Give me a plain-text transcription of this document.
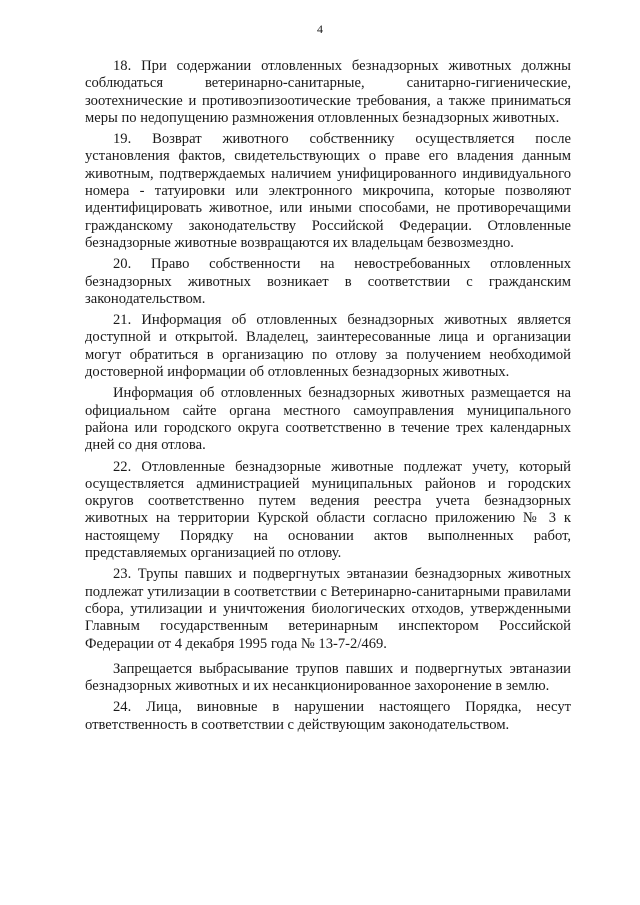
4

18. При содержании отловленных безнадзорных животных должны соблюдаться ветеринарно-санитарные, санитарно-гигиенические, зоотехнические и противоэпизоотические требования, а также приниматься меры по недопущению размножения отловленных безнадзорных животных.

19. Возврат животного собственнику осуществляется после установления фактов, свидетельствующих о праве его владения данным животным, подтверждаемых наличием унифицированного индивидуального номера - татуировки или электронного микрочипа, которые позволяют идентифицировать животное, или иными способами, не противоречащими гражданскому законодательству Российской Федерации. Отловленные безнадзорные животные возвращаются их владельцам безвозмездно.

20. Право собственности на невостребованных отловленных безнадзорных животных возникает в соответствии с гражданским законодательством.

21. Информация об отловленных безнадзорных животных является доступной и открытой. Владелец, заинтересованные лица и организации могут обратиться в организацию по отлову за получением необходимой достоверной информации об отловленных безнадзорных животных.

Информация об отловленных безнадзорных животных размещается на официальном сайте органа местного самоуправления муниципального района или городского округа соответственно в течение трех календарных дней со дня отлова.

22. Отловленные безнадзорные животные подлежат учету, который осуществляется администрацией муниципальных районов и городских округов соответственно путем ведения реестра учета безнадзорных животных на территории Курской области согласно приложению № 3 к настоящему Порядку на основании актов выполненных работ, представляемых организацией по отлову.

23. Трупы павших и подвергнутых эвтаназии безнадзорных животных подлежат утилизации в соответствии с Ветеринарно-санитарными правилами сбора, утилизации и уничтожения биологических отходов, утвержденными Главным государственным ветеринарным инспектором Российской Федерации от 4 декабря 1995 года № 13-7-2/469.

Запрещается выбрасывание трупов павших и подвергнутых эвтаназии безнадзорных животных и их несанкционированное захоронение в землю.

24. Лица, виновные в нарушении настоящего Порядка, несут ответственность в соответствии с действующим законодательством.
